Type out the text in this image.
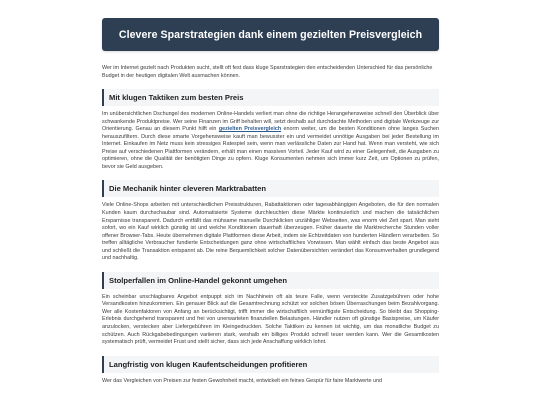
Clevere Sparstrategien dank einem gezielten Preisvergleich

Wer im Internet gezielt nach Produkten sucht, stellt oft fest dass kluge Sparstrategien den entscheidenden Unterschied für das persönliche Budget in der heutigen digitalen Welt ausmachen können.

Mit klugen Taktiken zum besten Preis

Im unübersichtlichen Dschungel des modernen Online-Handels verliert man ohne die richtige Herangehensweise schnell den Überblick über schwankende Produktpreise. Wer seine Finanzen im Griff behalten will, setzt deshalb auf durchdachte Methoden und digitale Werkzeuge zur Orientierung. Genau an diesem Punkt hilft ein gezielten Preisvergleich enorm weiter, um die besten Konditionen ohne langes Suchen herauszufiltern. Durch diese smarte Vorgehensweise kauft man bewusster ein und vermeidet unnötige Ausgaben bei jeder Bestellung im Internet. Einkaufen im Netz muss kein stressiges Ratespiel sein, wenn man verlässliche Daten zur Hand hat. Wenn man versteht, wie sich Preise auf verschiedenen Plattformen verändern, erhält man einen massiven Vorteil. Jeder Kauf wird zu einer Gelegenheit, die Ausgaben zu optimieren, ohne die Qualität der benötigten Dinge zu opfern. Kluge Konsumenten nehmen sich immer kurz Zeit, um Optionen zu prüfen, bevor sie Geld ausgeben.

Die Mechanik hinter cleveren Marktrabatten

Viele Online-Shops arbeiten mit unterschiedlichen Preisstrukturen, Rabattaktionen oder tagesabhängigen Angeboten, die für den normalen Kunden kaum durchschaubar sind. Automatisierte Systeme durchleuchten diese Märkte kontinuierlich und machen die tatsächlichen Ersparnisse transparent. Dadurch entfällt das mühsame manuelle Durchklicken unzähliger Webseiten, was enorm viel Zeit spart. Man sieht sofort, wo ein Kauf wirklich günstig ist und welche Konditionen dauerhaft überzeugen. Früher dauerte die Marktrecherche Stunden voller offener Browser-Tabs. Heute übernehmen digitale Plattformen diese Arbeit, indem sie Echtzeitdaten von hunderten Händlern verarbeiten. So treffen alltägliche Verbraucher fundierte Entscheidungen ganz ohne wirtschaftliches Vorwissen. Man wählt einfach das beste Angebot aus und schließt die Transaktion entspannt ab. Die reine Bequemlichkeit solcher Datenübersichten verändert das Konsumverhalten grundlegend und nachhaltig.

Stolperfallen im Online-Handel gekonnt umgehen

Ein scheinbar unschlagbares Angebot entpuppt sich im Nachhinein oft als teure Falle, wenn versteckte Zusatzgebühren oder hohe Versandkosten hinzukommen. Ein genauer Blick auf die Gesamtrechnung schützt vor solchen bösen Überraschungen beim Bezahlvorgang. Wer alle Kostenfaktoren von Anfang an berücksichtigt, trifft immer die wirtschaftlich vernünftigste Entscheidung. So bleibt das Shopping-Erlebnis durchgehend transparent und frei von unerwarteten finanziellen Belastungen. Händler nutzen oft günstige Basispreise, um Käufer anzulocken, verstecken aber Liefergebühren im Kleingedruckten. Solche Taktiken zu kennen ist wichtig, um das monatliche Budget zu schützen. Auch Rückgabebedingungen variieren stark, weshalb ein billiges Produkt schnell teuer werden kann. Wer die Gesamtkosten systematisch prüft, vermeidet Frust und stellt sicher, dass sich jede Anschaffung wirklich lohnt.

Langfristig von klugen Kaufentscheidungen profitieren

Wer das Vergleichen von Preisen zur festen Gewohnheit macht, entwickelt ein feines Gespür für faire Marktwerte und
